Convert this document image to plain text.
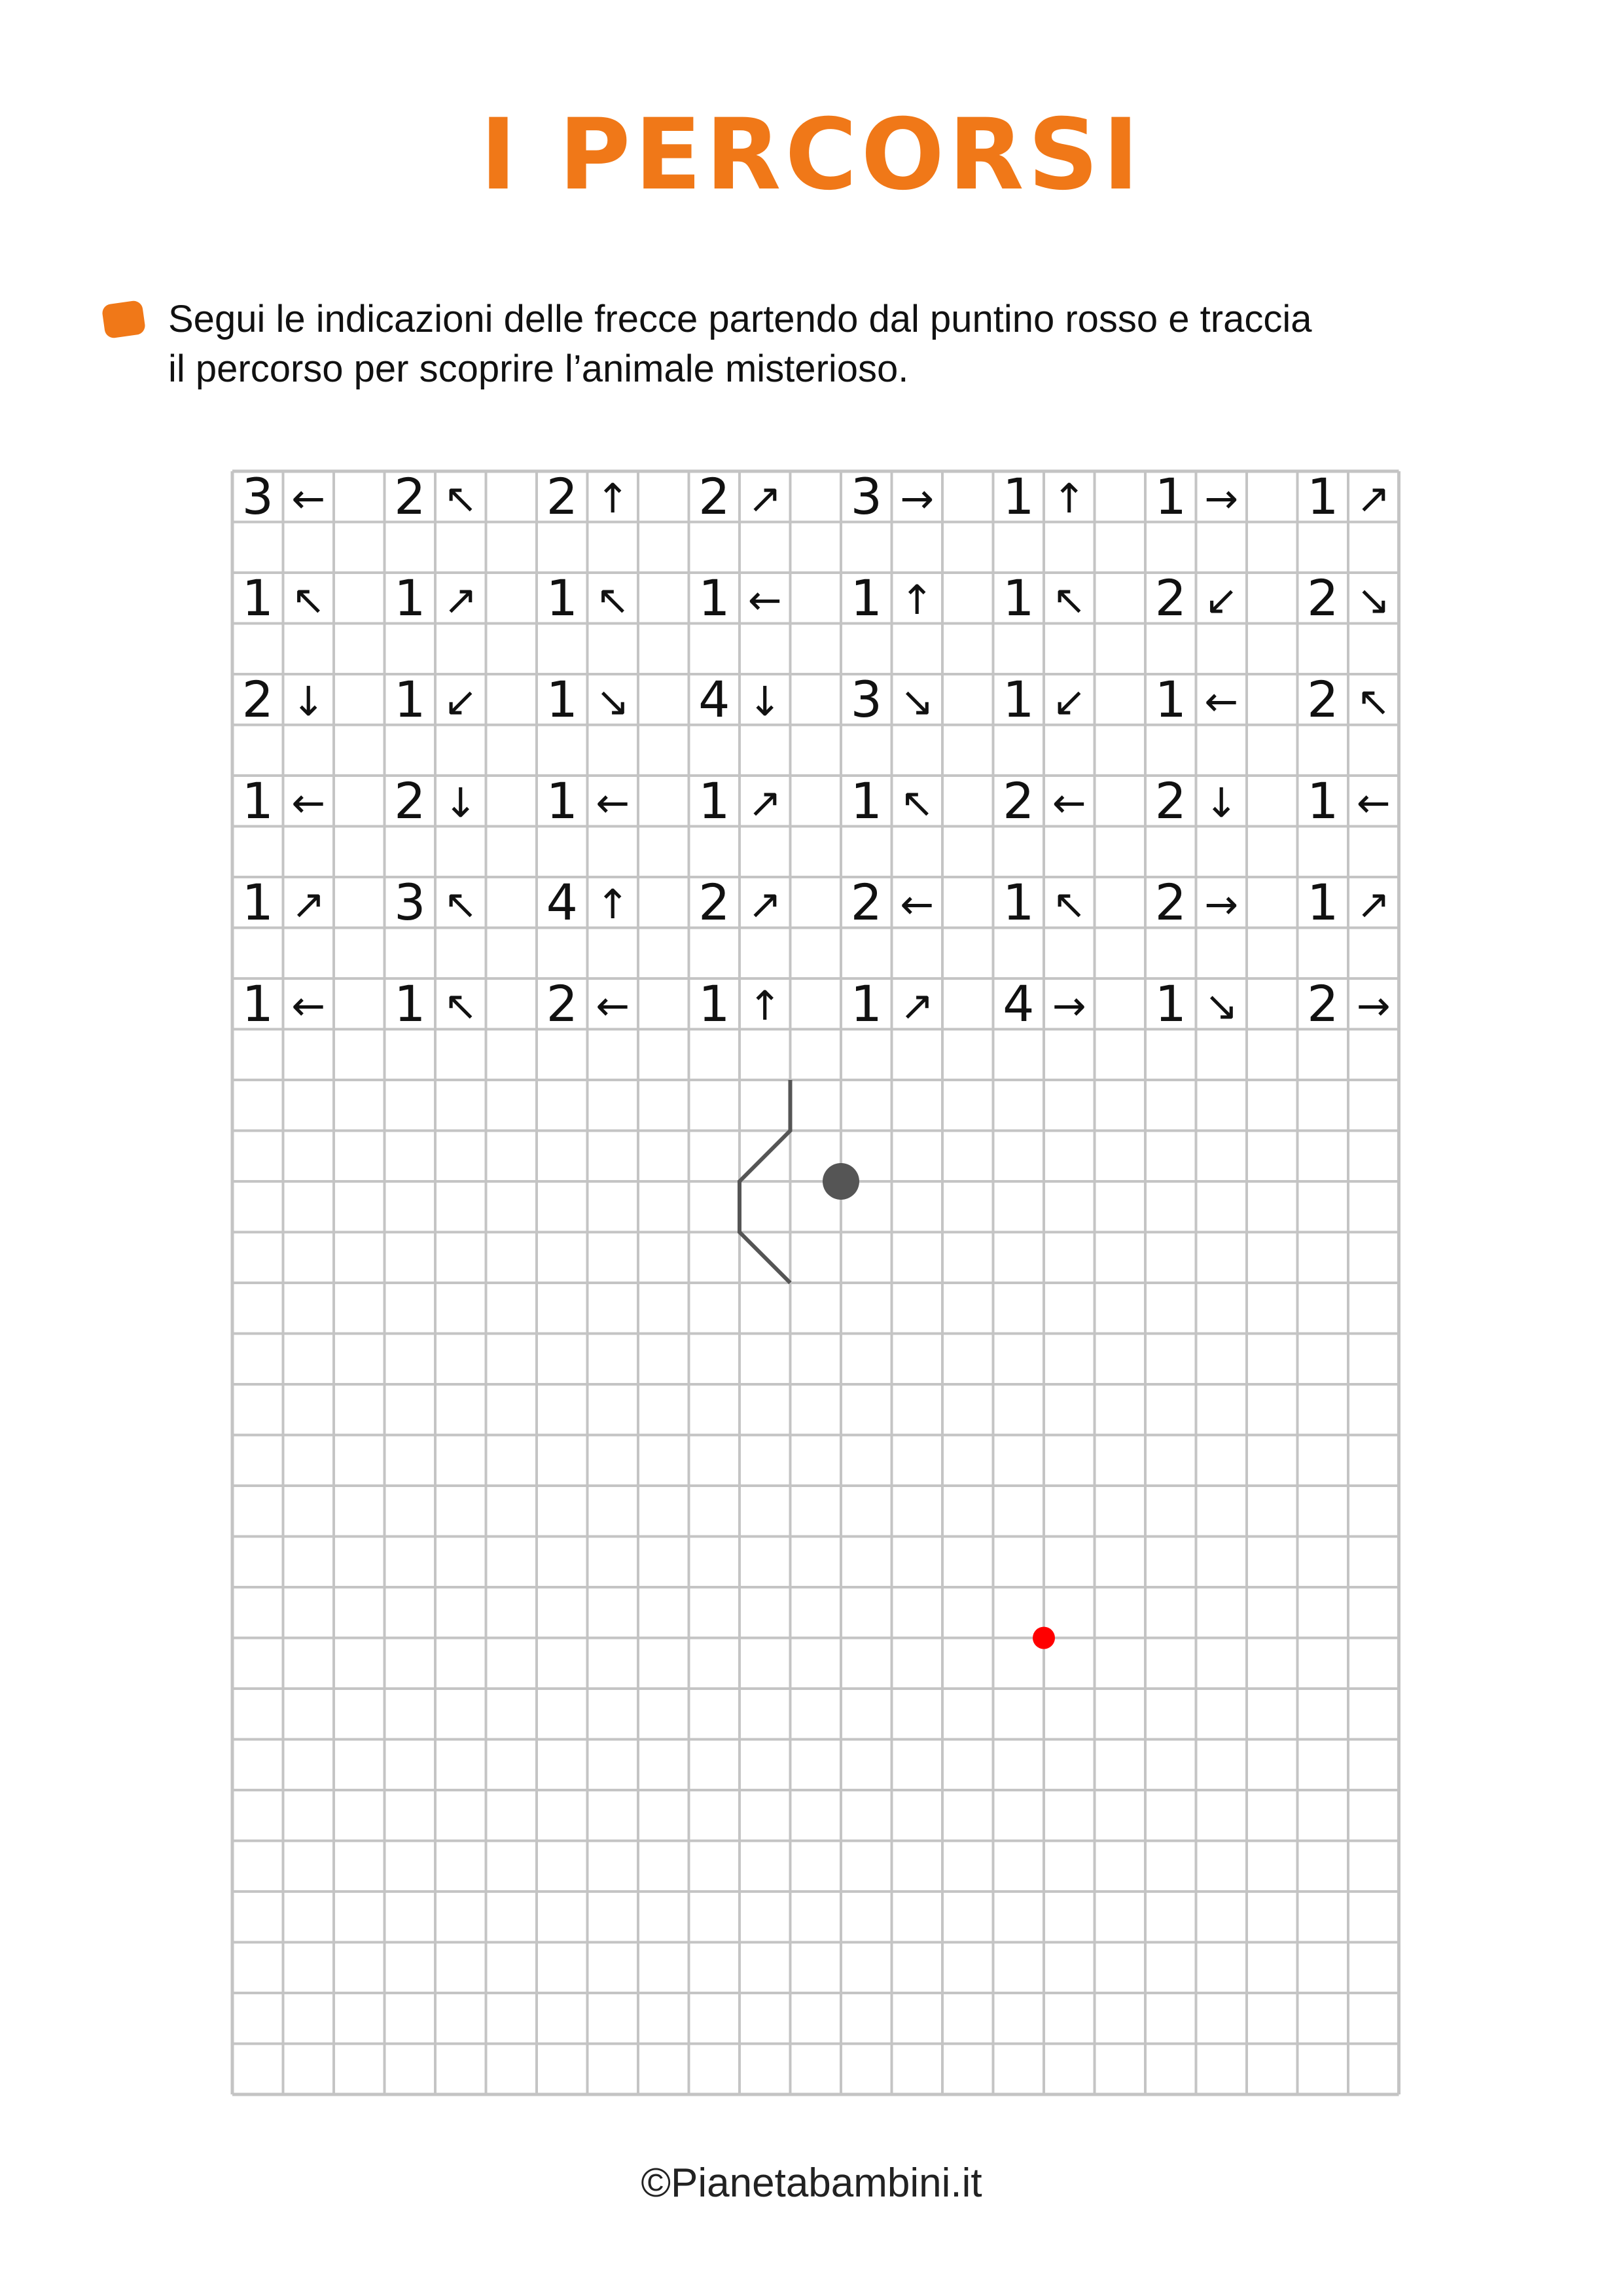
I PERCORSI
Segui le indicazioni delle frecce partendo dal puntino rosso e traccia
il percorso per scoprire l’animale misterioso.
3 ← 2 ↖ 2 ↑ 2 ↗ 3 → 1 ↑ 1 → 1 ↗
1 ↖ 1 ↗ 1 ↖ 1 ← 1 ↑ 1 ↖ 2 ↙ 2 ↘
2 ↓ 1 ↙ 1 ↘ 4 ↓ 3 ↘ 1 ↙ 1 ← 2 ↖
1 ← 2 ↓ 1 ← 1 ↗ 1 ↖ 2 ← 2 ↓ 1 ←
1 ↗ 3 ↖ 4 ↑ 2 ↗ 2 ← 1 ↖ 2 → 1 ↗
1 ← 1 ↖ 2 ← 1 ↑ 1 ↗ 4 → 1 ↘ 2 →
©Pianetabambini.it
